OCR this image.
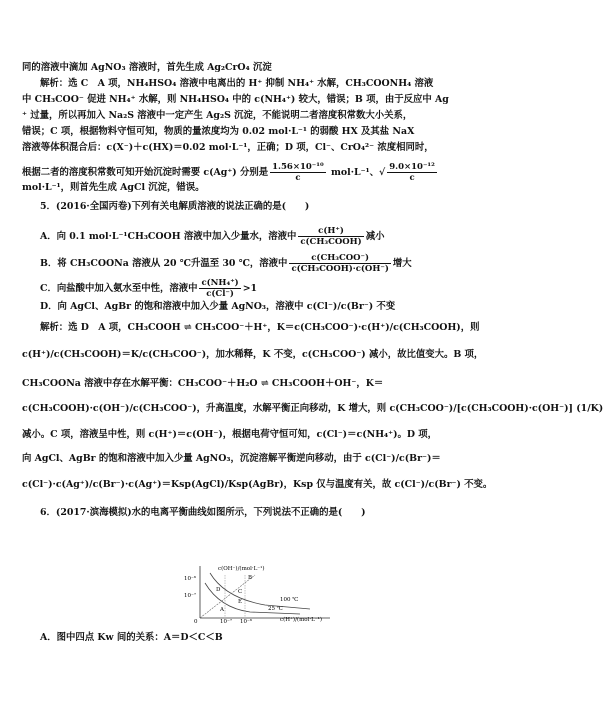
同的溶液中滴加 AgNO₃ 溶液时，首先生成 Ag₂CrO₄ 沉淀
解析：选 C　A 项，NH₄HSO₄ 溶液中电离出的 H⁺ 抑制 NH₄⁺ 水解，CH₃COONH₄ 溶液
中 CH₃COO⁻ 促进 NH₄⁺ 水解，则 NH₄HSO₄ 中的 c(NH₄⁺) 较大，错误；B 项，由于反应中 Ag
⁺ 过量，所以再加入 Na₂S 溶液中一定产生 Ag₂S 沉淀，不能说明二者溶度积常数大小关系，
错误；C 项，根据物料守恒可知，物质的量浓度均为 0.02 mol·L⁻¹ 的弱酸 HX 及其盐 NaX
溶液等体积混合后：c(X⁻)＋c(HX)＝0.02 mol·L⁻¹，正确；D 项，Cl⁻、CrO₄²⁻ 浓度相同时，
mol·L⁻¹，则首先生成 AgCl 沉淀，错误。
5．(2016·全国丙卷)下列有关电解质溶液的说法正确的是(　　)
D．向 AgCl、AgBr 的饱和溶液中加入少量 AgNO₃，溶液中 c(Cl⁻)/c(Br⁻) 不变
解析：选 D　A 项，CH₃COOH ⇌ CH₃COO⁻＋H⁺，K＝c(CH₃COO⁻)·c(H⁺)/c(CH₃COOH)，则
c(H⁺)/c(CH₃COOH)＝K/c(CH₃COO⁻)，加水稀释，K 不变，c(CH₃COO⁻) 减小，故比值变大。B 项，
CH₃COONa 溶液中存在水解平衡：CH₃COO⁻＋H₂O ⇌ CH₃COOH＋OH⁻，K＝
c(CH₃COOH)·c(OH⁻)/c(CH₃COO⁻)，升高温度，水解平衡正向移动，K 增大，则 c(CH₃COO⁻)/[c(CH₃COOH)·c(OH⁻)] (1/K)
减小。C 项，溶液呈中性，则 c(H⁺)＝c(OH⁻)，根据电荷守恒可知，c(Cl⁻)＝c(NH₄⁺)。D 项，
向 AgCl、AgBr 的饱和溶液中加入少量 AgNO₃，沉淀溶解平衡逆向移动，由于 c(Cl⁻)/c(Br⁻)＝
c(Cl⁻)·c(Ag⁺)/c(Br⁻)·c(Ag⁺)＝Ksp(AgCl)/Ksp(AgBr)，Ksp 仅与温度有关，故 c(Cl⁻)/c(Br⁻) 不变。
6．(2017·滨海模拟)水的电离平衡曲线如图所示，下列说法不正确的是(　　)
A．图中四点 Kw 间的关系：A＝D＜C＜B
根据二者的溶度积常数可知开始沉淀时需要 c(Ag⁺) 分别是 $\frac{\text{1.56×10⁻¹⁰}}{c} mol\cdot L^{-1}$、√ $\frac{\text{9.0×10⁻¹²}}{c}$
A．向 0.1 mol·L⁻¹CH₃COOH 溶液中加入少量水，溶液中 $\frac{c(H^+)}{\text{c(CH₃COOH)}}$ 减小
B．将 CH₃COONa 溶液从 20 ℃升温至 30 ℃，溶液中 $\frac{\text{c(CH₃COO⁻)}}{\text{c(CH₃COOH)·c(OH⁻)}}$ 增大
C．向盐酸中加入氨水至中性，溶液中 $\frac{\text{c(NH₄⁺)}}{c(Cl^-)} >1$
c(OH⁻)/(mol·L⁻¹)
c(H⁺)/(mol·L⁻¹)
10⁻⁶
10⁻⁷
0	10⁻⁷ 10⁻⁶
A
B
C
D
E	100 ℃
25 ℃
